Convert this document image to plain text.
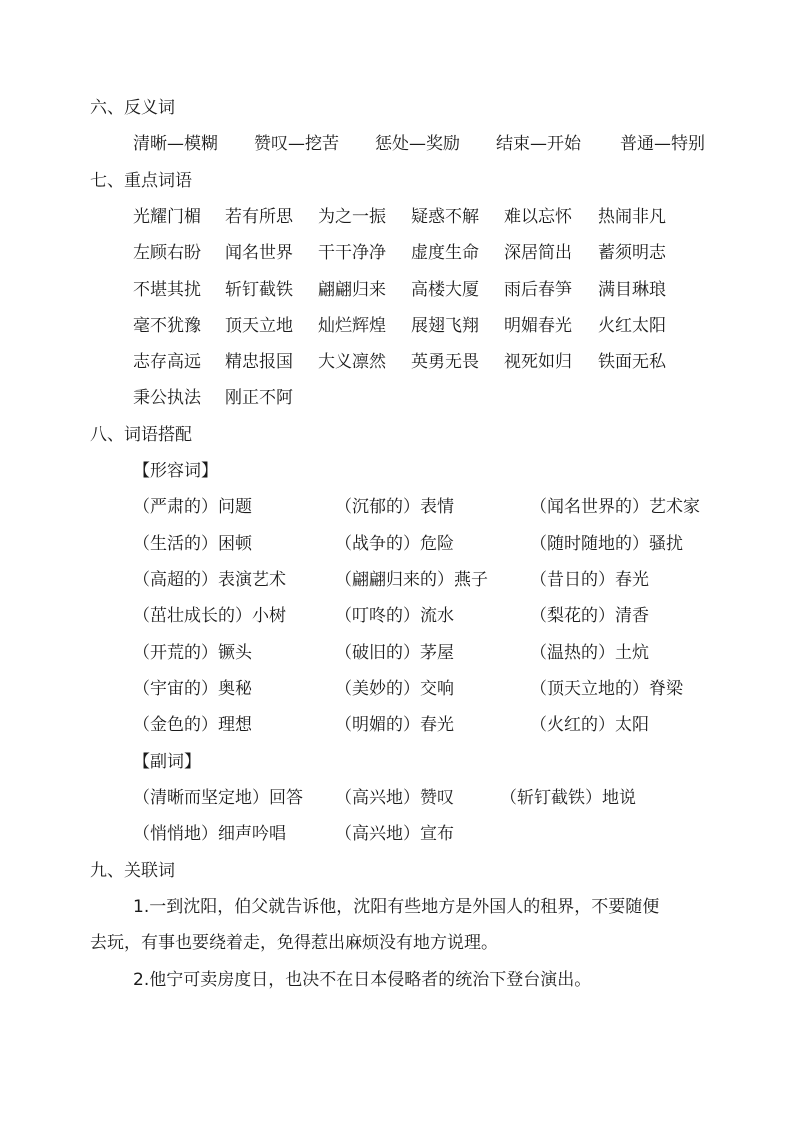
六、反义词
清晰—模糊 赞叹—挖苦 惩处—奖励 结束—开始 普通—特别
七、重点词语
光耀门楣 若有所思 为之一振 疑惑不解 难以忘怀 热闹非凡
左顾右盼 闻名世界 干干净净 虚度生命 深居简出 蓄须明志
不堪其扰 斩钉截铁 翩翩归来 高楼大厦 雨后春笋 满目琳琅
毫不犹豫 顶天立地 灿烂辉煌 展翅飞翔 明媚春光 火红太阳
志存高远 精忠报国 大义凛然 英勇无畏 视死如归 铁面无私
秉公执法 刚正不阿
八、词语搭配
【形容词】
（严肃的）问题	（沉郁的）表情	（闻名世界的）艺术家
（生活的）困顿	（战争的）危险	（随时随地的）骚扰
（高超的）表演艺术	（翩翩归来的）燕子 （昔日的）春光
（茁壮成长的）小树	（叮咚的）流水	（梨花的）清香
（开荒的）镢头	（破旧的）茅屋	（温热的）土炕
（宇宙的）奥秘	（美妙的）交响	（顶天立地的）脊梁
（金色的）理想	（明媚的）春光	（火红的）太阳
【副词】
（清晰而坚定地）回答 （高兴地）赞叹	（斩钉截铁）地说
（悄悄地）细声吟唱	（高兴地）宣布
九、关联词
1.一到沈阳，伯父就告诉他，沈阳有些地方是外国人的租界，不要随便
去玩，有事也要绕着走，免得惹出麻烦没有地方说理。
2.他宁可卖房度日，也决不在日本侵略者的统治下登台演出。
